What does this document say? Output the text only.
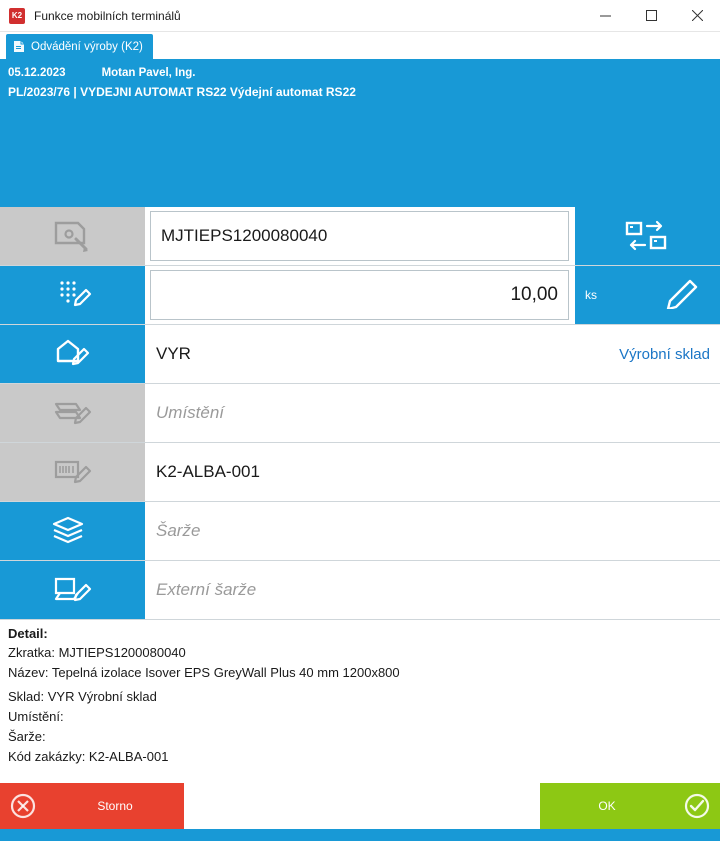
K2
Funkce mobilních terminálů
Odvádění výroby (K2)
05.12.2023	Motan Pavel, Ing.
PL/2023/76 | VYDEJNI AUTOMAT RS22 Výdejní automat RS22
MJTIEPS1200080040
10,00 ks
VYR	Výrobní sklad
Umístění
K2-ALBA-001
Šarže
Externí šarže
Detail:
Zkratka: MJTIEPS1200080040
Název: Tepelná izolace Isover EPS GreyWall Plus 40 mm 1200x800
Sklad: VYR Výrobní sklad
Umístění:
Šarže:
Kód zakázky: K2-ALBA-001
Storno	OK
